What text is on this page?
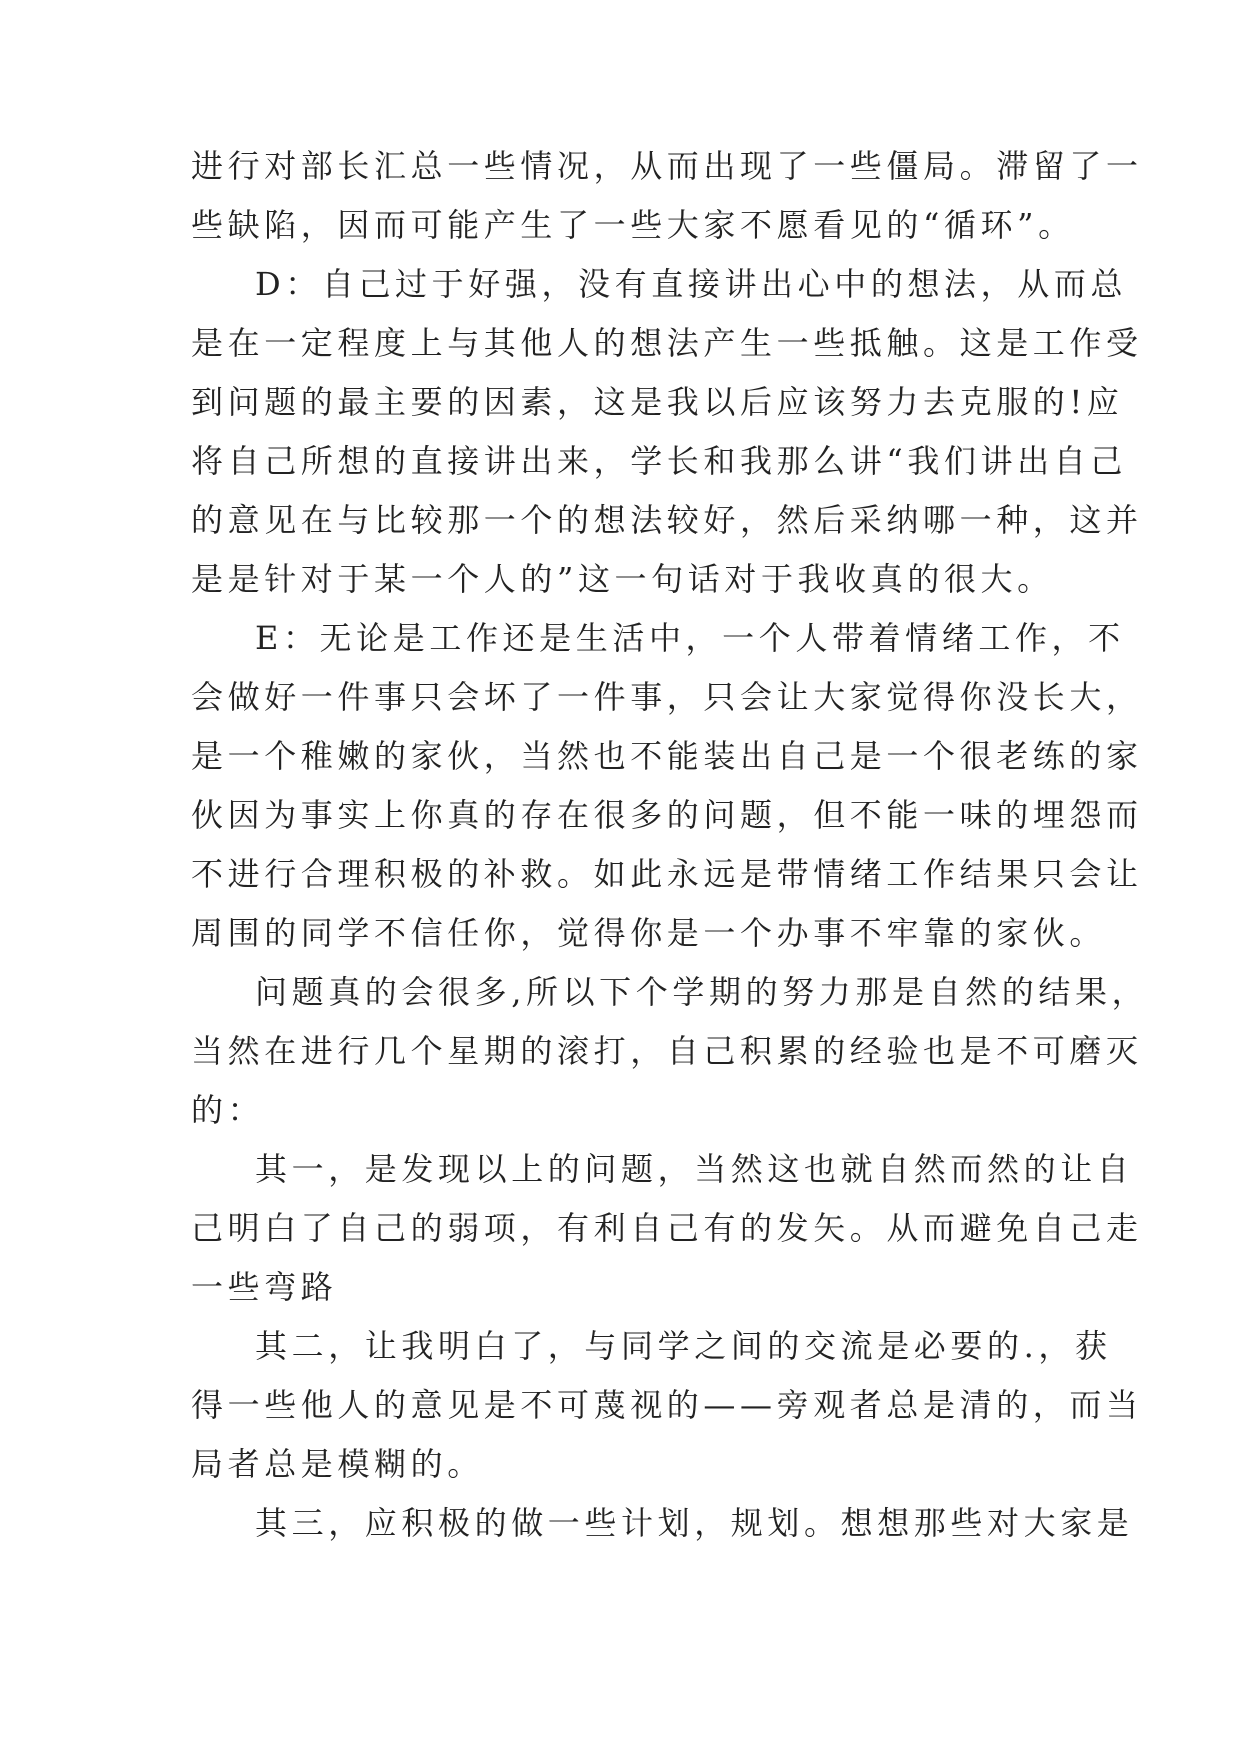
进行对部长汇总一些情况，从而出现了一些僵局。滞留了一
些缺陷，因而可能产生了一些大家不愿看见的“循环”。
D：自己过于好强，没有直接讲出心中的想法，从而总
是在一定程度上与其他人的想法产生一些抵触。这是工作受
到问题的最主要的因素，这是我以后应该努力去克服的!应
将自己所想的直接讲出来，学长和我那么讲“我们讲出自己
的意见在与比较那一个的想法较好，然后采纳哪一种，这并
是是针对于某一个人的”这一句话对于我收真的很大。
E：无论是工作还是生活中，一个人带着情绪工作，不
会做好一件事只会坏了一件事，只会让大家觉得你没长大，
是一个稚嫩的家伙，当然也不能装出自己是一个很老练的家
伙因为事实上你真的存在很多的问题，但不能一味的埋怨而
不进行合理积极的补救。如此永远是带情绪工作结果只会让
周围的同学不信任你，觉得你是一个办事不牢靠的家伙。
问题真的会很多,所以下个学期的努力那是自然的结果，
当然在进行几个星期的滚打，自己积累的经验也是不可磨灭
的：
其一，是发现以上的问题，当然这也就自然而然的让自
己明白了自己的弱项，有利自己有的发矢。从而避免自己走
一些弯路
其二，让我明白了，与同学之间的交流是必要的.，获
得一些他人的意见是不可蔑视的——旁观者总是清的，而当
局者总是模糊的。
其三，应积极的做一些计划，规划。想想那些对大家是
